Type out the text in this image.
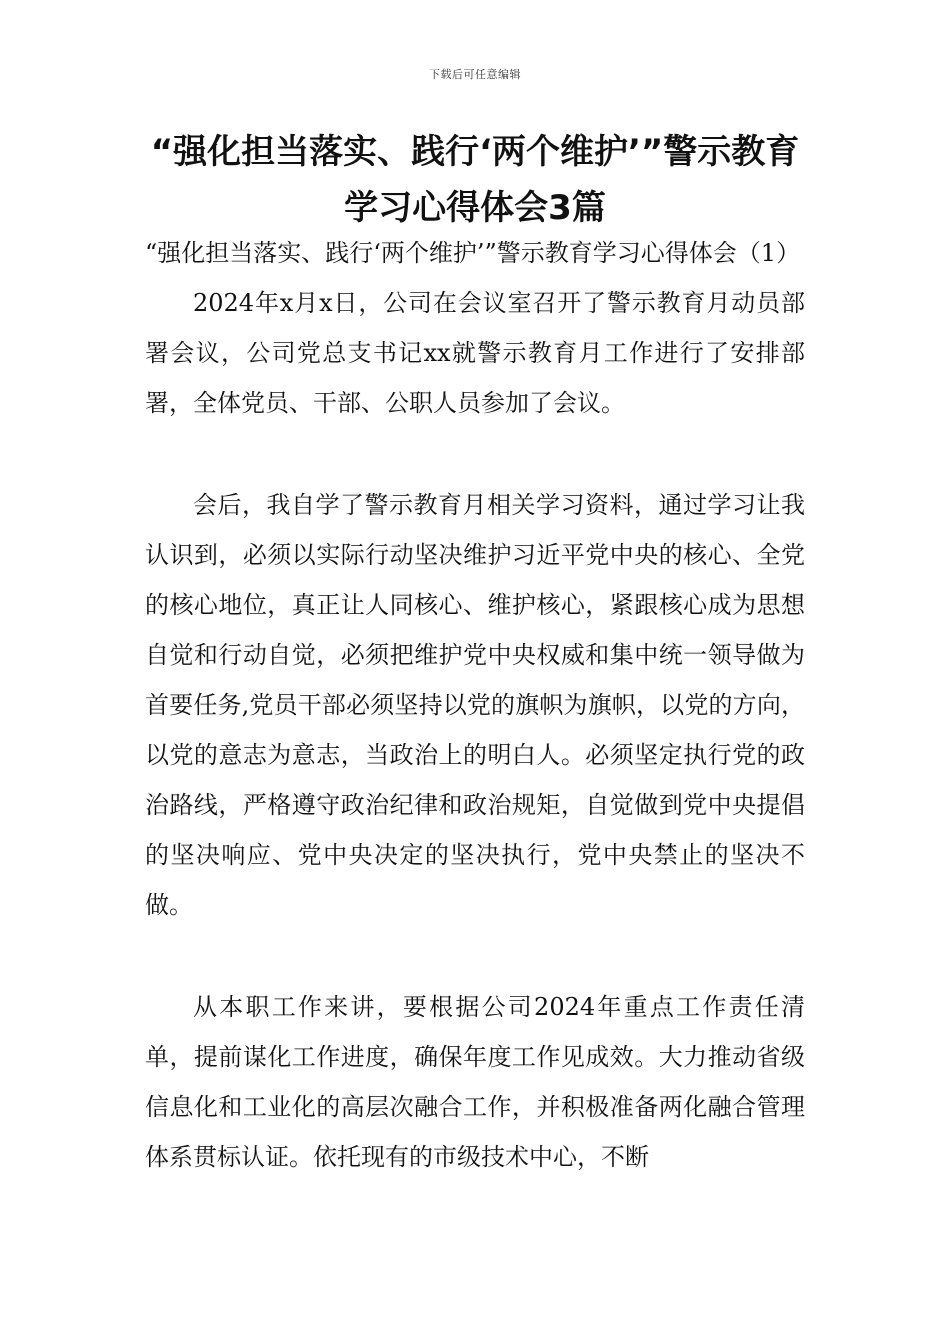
下载后可任意编辑
“强化担当落实、践行‘两个维护’”警示教育学习心得体会3篇

“强化担当落实、践行‘两个维护’”警示教育学习心得体会（1）

2024年x月x日，公司在会议室召开了警示教育月动员部署会议，公司党总支书记xx就警示教育月工作进行了安排部署，全体党员、干部、公职人员参加了会议。

会后，我自学了警示教育月相关学习资料，通过学习让我认识到，必须以实际行动坚决维护习近平党中央的核心、全党的核心地位，真正让人同核心、维护核心，紧跟核心成为思想自觉和行动自觉，必须把维护党中央权威和集中统一领导做为首要任务,党员干部必须坚持以党的旗帜为旗帜，以党的方向，以党的意志为意志，当政治上的明白人。必须坚定执行党的政治路线，严格遵守政治纪律和政治规矩，自觉做到党中央提倡的坚决响应、党中央决定的坚决执行，党中央禁止的坚决不做。

从本职工作来讲，要根据公司2024年重点工作责任清单，提前谋化工作进度，确保年度工作见成效。大力推动省级信息化和工业化的高层次融合工作，并积极准备两化融合管理体系贯标认证。依托现有的市级技术中心，不断
